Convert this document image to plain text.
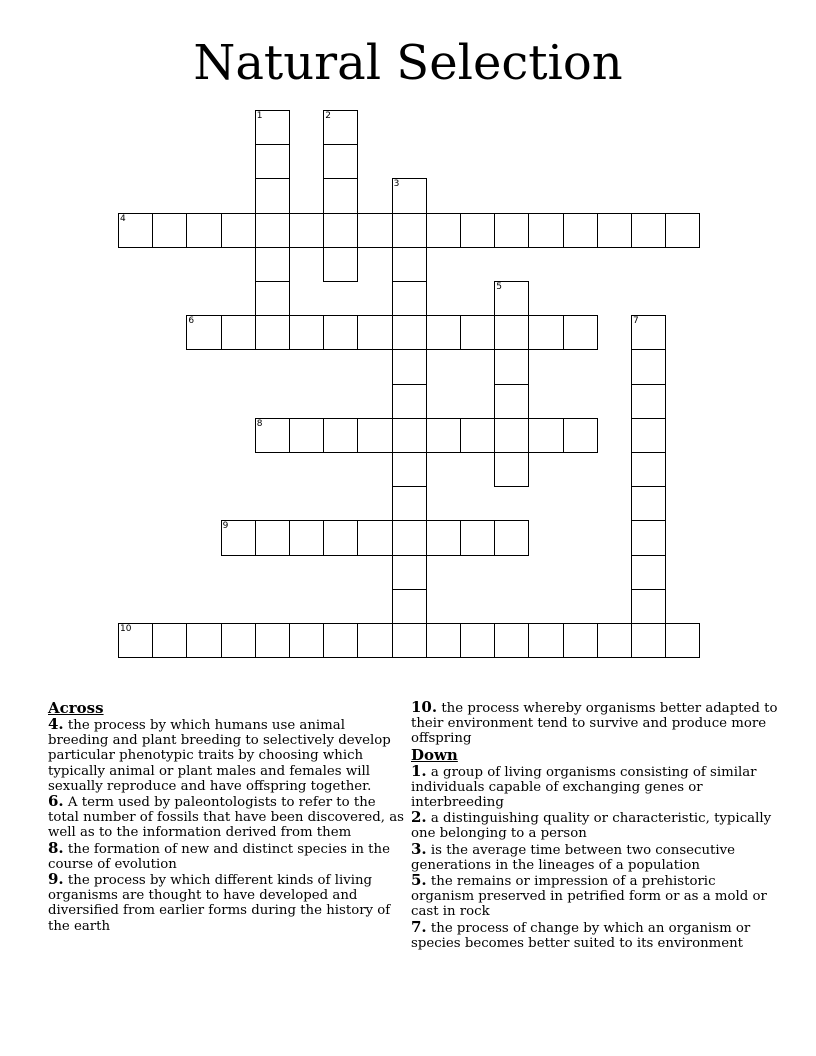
Natural Selection
1	2
3
4
5
6	7
8
9
10
Across

4. the process by which humans use animal breeding and plant breeding to selectively develop particular phenotypic traits by choosing which typically animal or plant males and females will sexually reproduce and have offspring together.

6. A term used by paleontologists to refer to the total number of fossils that have been discovered, as well as to the information derived from them

8. the formation of new and distinct species in the course of evolution

9. the process by which different kinds of living organisms are thought to have developed and diversified from earlier forms during the history of the earth

10. the process whereby organisms better adapted to their environment tend to survive and produce more offspring

Down

1. a group of living organisms consisting of similar individuals capable of exchanging genes or interbreeding

2. a distinguishing quality or characteristic, typically one belonging to a person

3. is the average time between two consecutive generations in the lineages of a population

5. the remains or impression of a prehistoric organism preserved in petrified form or as a mold or cast in rock

7. the process of change by which an organism or species becomes better suited to its environment
